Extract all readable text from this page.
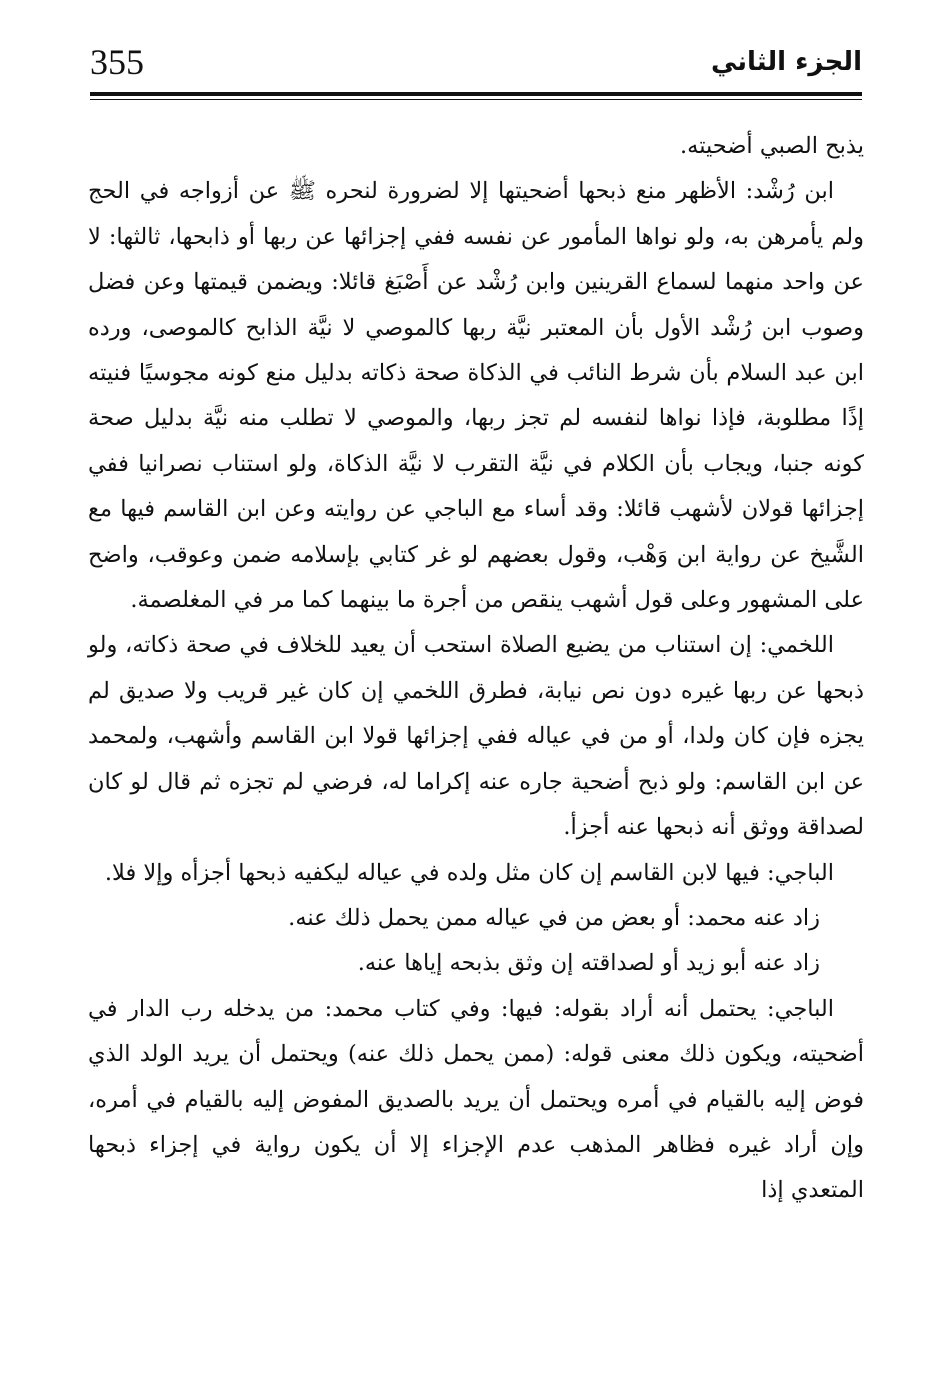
355	الجزء الثاني

يذبح الصبي أضحيته.

ابن رُشْد: الأظهر منع ذبحها أضحيتها إلا لضرورة لنحره ﷺ عن أزواجه في الحج ولم يأمرهن به، ولو نواها المأمور عن نفسه ففي إجزائها عن ربها أو ذابحها، ثالثها: لا عن واحد منهما لسماع القرينين وابن رُشْد عن أَصْبَغ قائلا: ويضمن قيمتها وعن فضل وصوب ابن رُشْد الأول بأن المعتبر نيَّة ربها كالموصي لا نيَّة الذابح كالموصى، ورده ابن عبد السلام بأن شرط النائب في الذكاة صحة ذكاته بدليل منع كونه مجوسيًا فنيته إذًا مطلوبة، فإذا نواها لنفسه لم تجز ربها، والموصي لا تطلب منه نيَّة بدليل صحة كونه جنبا، ويجاب بأن الكلام في نيَّة التقرب لا نيَّة الذكاة، ولو استناب نصرانيا ففي إجزائها قولان لأشهب قائلا: وقد أساء مع الباجي عن روايته وعن ابن القاسم فيها مع الشَّيخ عن رواية ابن وَهْب، وقول بعضهم لو غر كتابي بإسلامه ضمن وعوقب، واضح على المشهور وعلى قول أشهب ينقص من أجرة ما بينهما كما مر في المغلصمة.

اللخمي: إن استناب من يضيع الصلاة استحب أن يعيد للخلاف في صحة ذكاته، ولو ذبحها عن ربها غيره دون نص نيابة، فطرق اللخمي إن كان غير قريب ولا صديق لم يجزه فإن كان ولدا، أو من في عياله ففي إجزائها قولا ابن القاسم وأشهب، ولمحمد عن ابن القاسم: ولو ذبح أضحية جاره عنه إكراما له، فرضي لم تجزه ثم قال لو كان لصداقة ووثق أنه ذبحها عنه أجزأ.

الباجي: فيها لابن القاسم إن كان مثل ولده في عياله ليكفيه ذبحها أجزأه وإلا فلا.

زاد عنه محمد: أو بعض من في عياله ممن يحمل ذلك عنه.

زاد عنه أبو زيد أو لصداقته إن وثق بذبحه إياها عنه.

الباجي: يحتمل أنه أراد بقوله: فيها: وفي كتاب محمد: من يدخله رب الدار في أضحيته، ويكون ذلك معنى قوله: (ممن يحمل ذلك عنه) ويحتمل أن يريد الولد الذي فوض إليه بالقيام في أمره ويحتمل أن يريد بالصديق المفوض إليه بالقيام في أمره، وإن أراد غيره فظاهر المذهب عدم الإجزاء إلا أن يكون رواية في إجزاء ذبحها المتعدي إذا
